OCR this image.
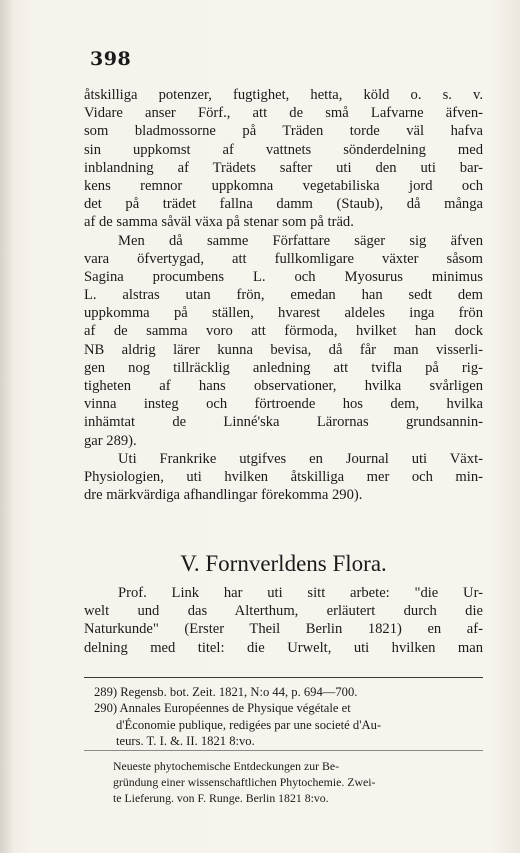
398
åtskilliga potenzer, fugtighet, hetta, köld o. s. v.
Vidare anser Förf., att de små Lafvarne äfven-
som bladmossorne på Träden torde väl hafva
sin uppkomst af vattnets sönderdelning med
inblandning af Trädets safter uti den uti bar-
kens remnor uppkomna vegetabiliska jord och
det på trädet fallna damm (Staub), då många
af de samma såväl växa på stenar som på träd.
Men då samme Författare säger sig äfven
vara öfvertygad, att fullkomligare växter såsom
Sagina procumbens L. och Myosurus minimus
L. alstras utan frön, emedan han sedt dem
uppkomma på ställen, hvarest aldeles inga frön
af de samma voro att förmoda, hvilket han dock
NB aldrig lärer kunna bevisa, då får man visserli-
gen nog tillräcklig anledning att tvifla på rig-
tigheten af hans observationer, hvilka svårligen
vinna insteg och förtroende hos dem, hvilka
inhämtat de Linné'ska Lärornas grundsannin-
gar 289).
Uti Frankrike utgifves en Journal uti Växt-
Physiologien, uti hvilken åtskilliga mer och min-
dre märkvärdiga afhandlingar förekomma 290).
V. Fornverldens Flora.
Prof. Link har uti sitt arbete: "die Ur-
welt und das Alterthum, erläutert durch die
Naturkunde" (Erster Theil Berlin 1821) en af-
delning med titel: die Urwelt, uti hvilken man
289) Regensb. bot. Zeit. 1821, N:o 44, p. 694—700.
290) Annales Européennes de Physique végétale et
d'Économie publique, redigées par une societé d'Au-
teurs. T. I. &. II. 1821 8:vo.
Neueste phytochemische Entdeckungen zur Be-
gründung einer wissenschaftlichen Phytochemie. Zwei-
te Lieferung. von F. Runge. Berlin 1821 8:vo.
